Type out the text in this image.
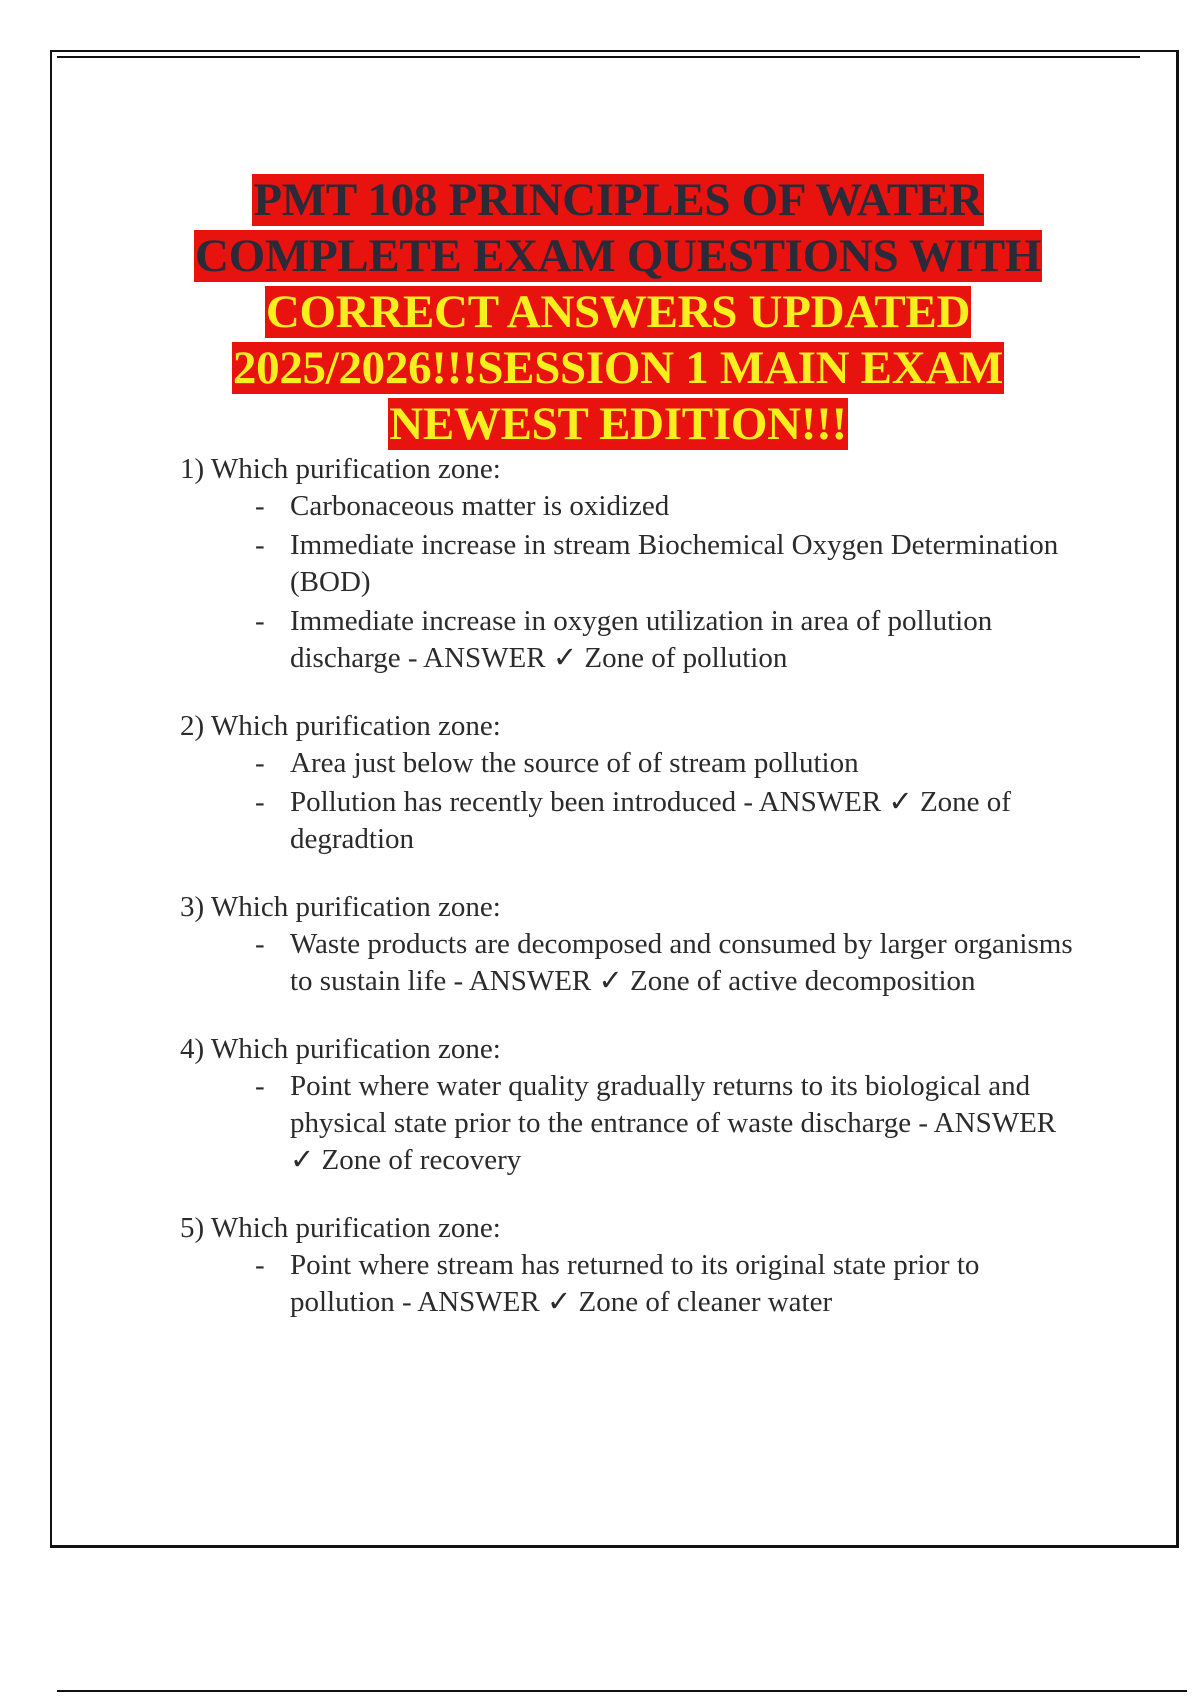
PMT 108 PRINCIPLES OF WATER
COMPLETE EXAM QUESTIONS WITH
CORRECT ANSWERS UPDATED
2025/2026!!!SESSION 1 MAIN EXAM
NEWEST EDITION!!!
1) Which purification zone:
- Carbonaceous matter is oxidized
- Immediate increase in stream Biochemical Oxygen Determination (BOD)
- Immediate increase in oxygen utilization in area of pollution discharge - ANSWER ✓ Zone of pollution
2) Which purification zone:
- Area just below the source of of stream pollution
- Pollution has recently been introduced - ANSWER ✓ Zone of degradtion
3) Which purification zone:
- Waste products are decomposed and consumed by larger organisms to sustain life - ANSWER ✓ Zone of active decomposition
4) Which purification zone:
- Point where water quality gradually returns to its biological and physical state prior to the entrance of waste discharge - ANSWER ✓ Zone of recovery
5) Which purification zone:
- Point where stream has returned to its original state prior to pollution - ANSWER ✓ Zone of cleaner water
